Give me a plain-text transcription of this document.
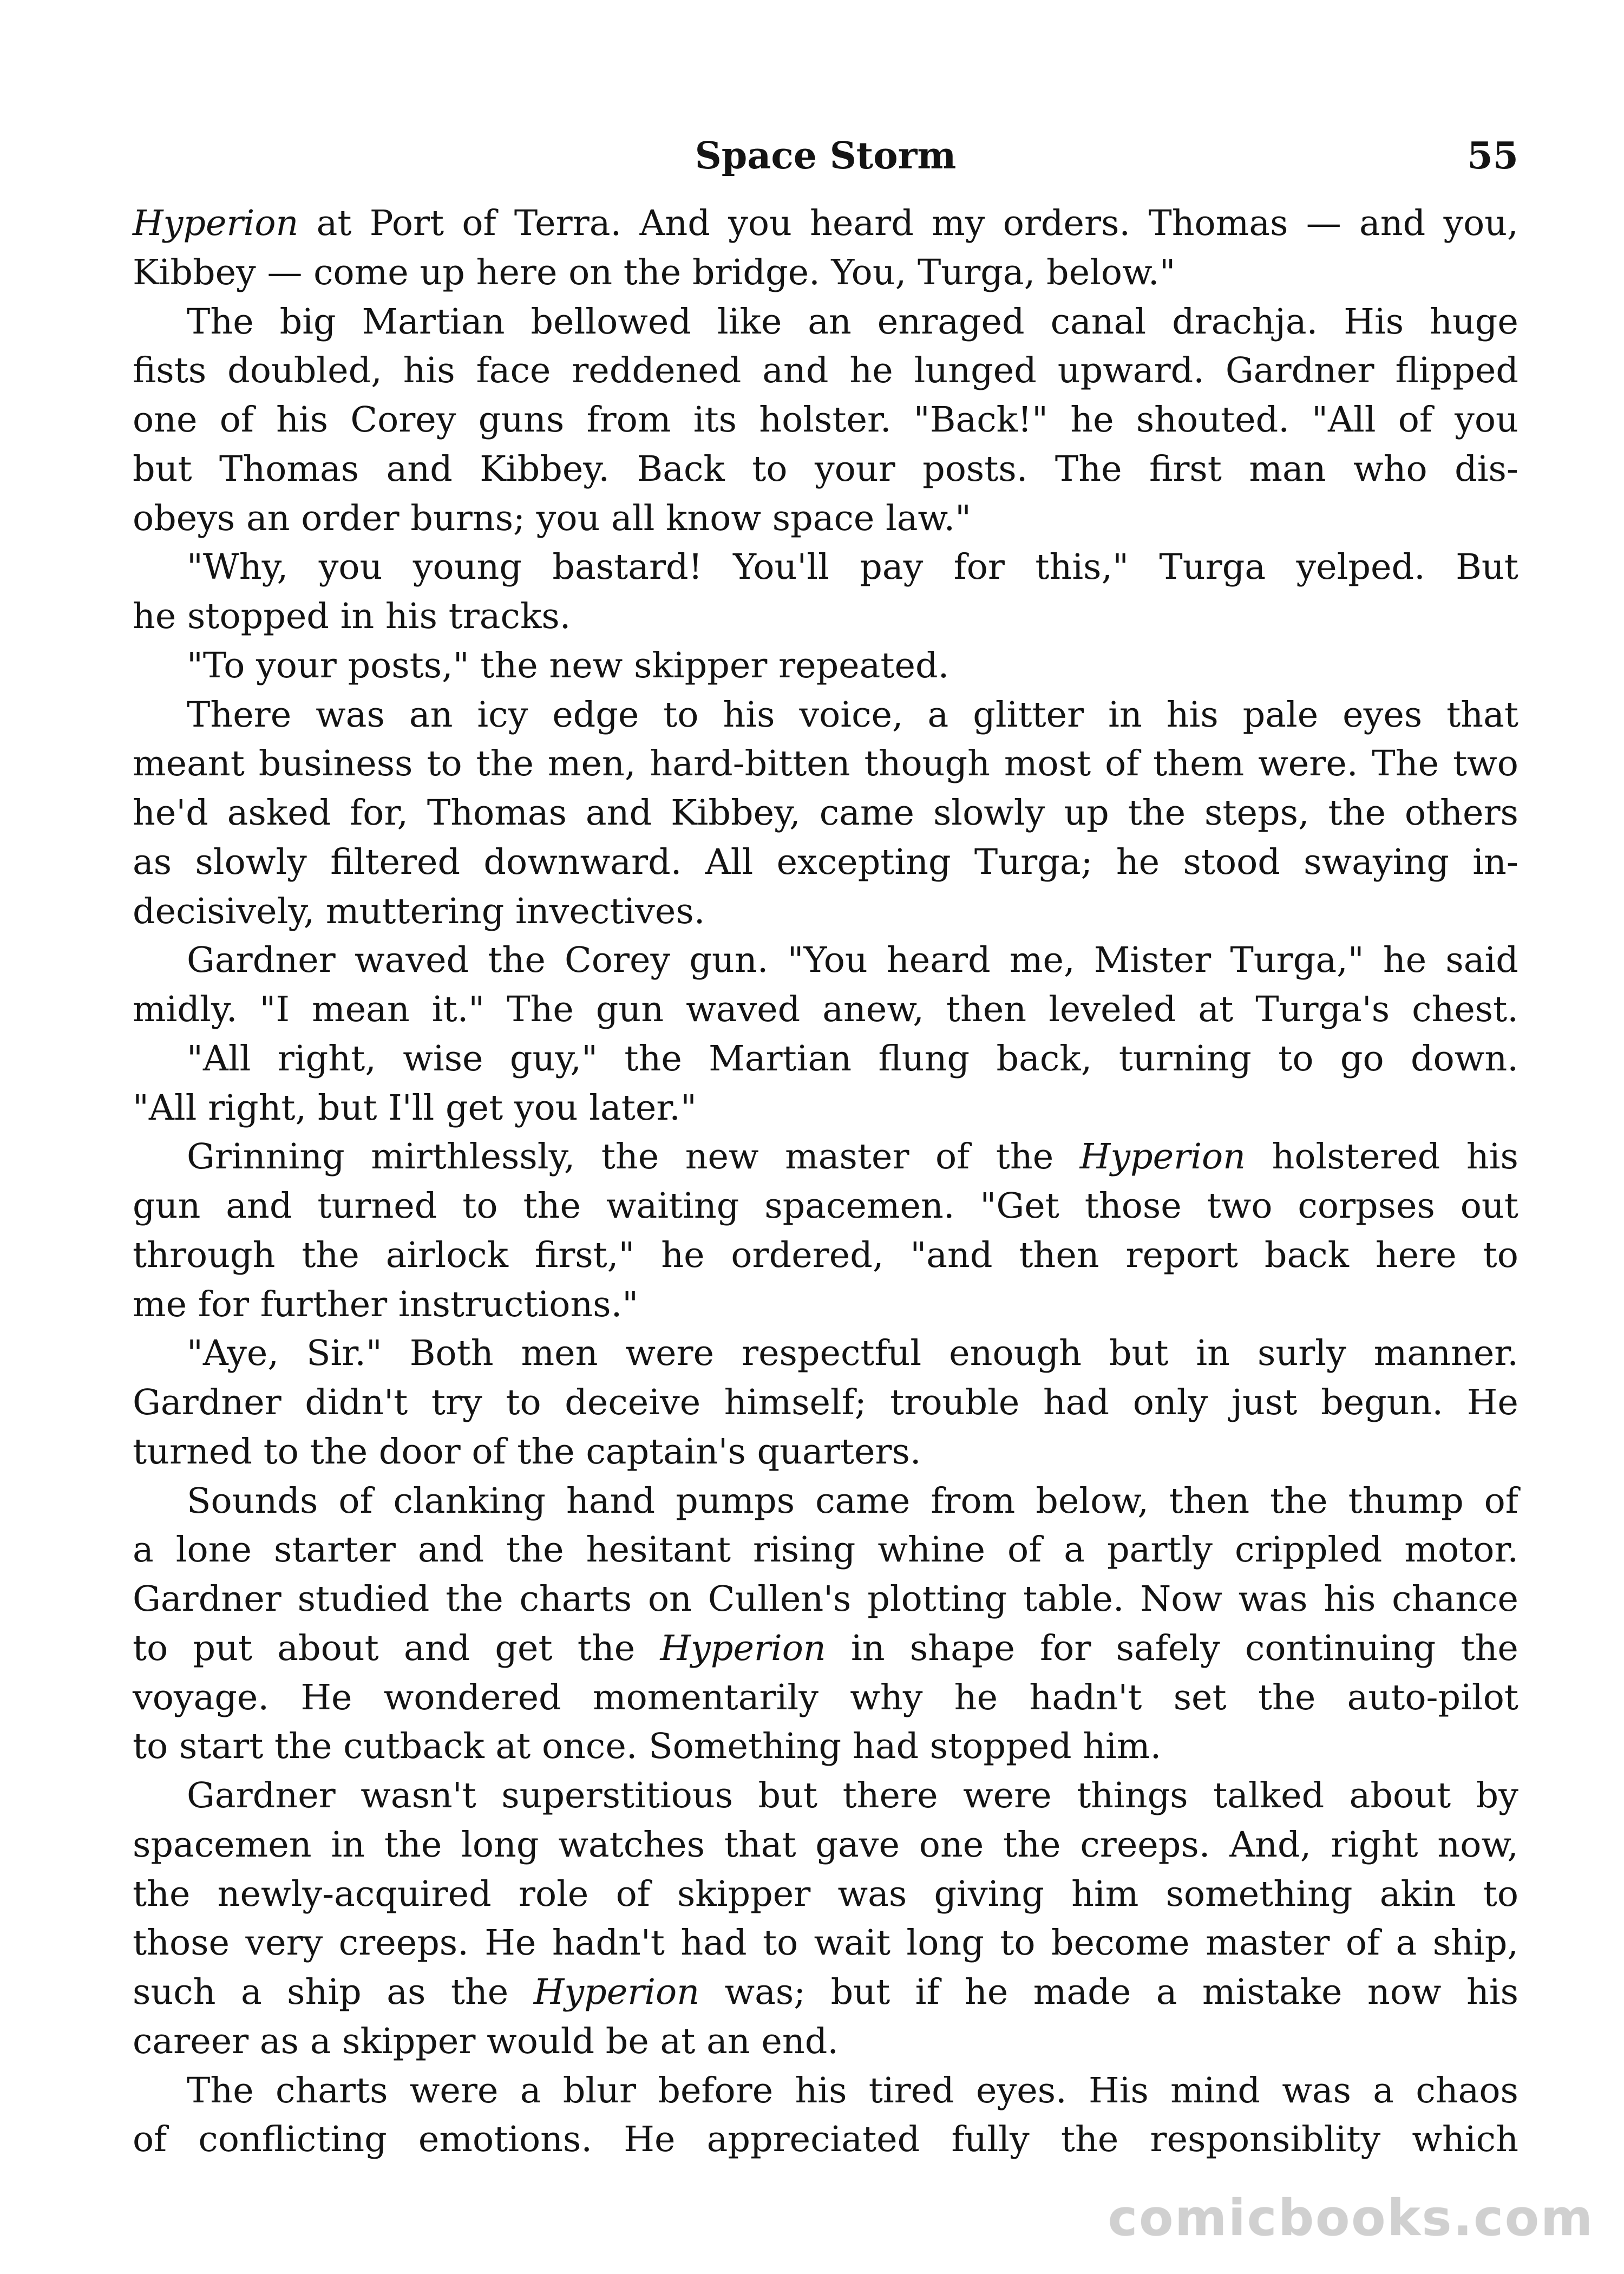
Space Storm	55
Hyperion at Port of Terra. And you heard my orders. Thomas — and you,
Kibbey
—
come
up
here
on
the
bridge.
You,
Turga,
below."
The big Martian bellowed like an enraged canal drachja. His huge
fists doubled, his face reddened and he lunged upward. Gardner flipped
one of his Corey guns from its holster. "Back!" he shouted. "All of you
but Thomas and Kibbey. Back to your posts. The first man who dis-
obeys
an
order
burns;
you
all
know
space
law."
"Why, you young bastard! You'll pay for this," Turga yelped. But
he
stopped
in
his
tracks.
"To
your
posts,"
the
new
skipper
repeated.
There was an icy edge to his voice, a glitter in his pale eyes that
meant business to the men, hard-bitten though most of them were. The two
he'd asked for, Thomas and Kibbey, came slowly up the steps, the others
as slowly filtered downward. All excepting Turga; he stood swaying in-
decisively,
muttering
invectives.
Gardner waved the Corey gun. "You heard me, Mister Turga," he said
midly. "I mean it." The gun waved anew, then leveled at Turga's chest.
"All right, wise guy," the Martian flung back, turning to go down.
"All
right,
but
I'll
get
you
later."
Grinning mirthlessly, the new master of the Hyperion holstered his
gun and turned to the waiting spacemen. "Get those two corpses out
through the airlock first," he ordered, "and then report back here to
me
for
further
instructions."
"Aye, Sir." Both men were respectful enough but in surly manner.
Gardner didn't try to deceive himself; trouble had only just begun. He
turned
to
the
door
of
the
captain's
quarters.
Sounds of clanking hand pumps came from below, then the thump of
a lone starter and the hesitant rising whine of a partly crippled motor.
Gardner studied the charts on Cullen's plotting table. Now was his chance
to put about and get the Hyperion in shape for safely continuing the
voyage. He wondered momentarily why he hadn't set the auto-pilot
to
start
the
cutback
at
once.
Something
had
stopped
him.
Gardner wasn't superstitious but there were things talked about by
spacemen in the long watches that gave one the creeps. And, right now,
the newly-acquired role of skipper was giving him something akin to
those very creeps. He hadn't had to wait long to become master of a ship,
such a ship as the Hyperion was; but if he made a mistake now his
career
as
a
skipper
would
be
at
an
end.
The charts were a blur before his tired eyes. His mind was a chaos
of conflicting emotions. He appreciated fully the responsiblity which
comicbooks.com
